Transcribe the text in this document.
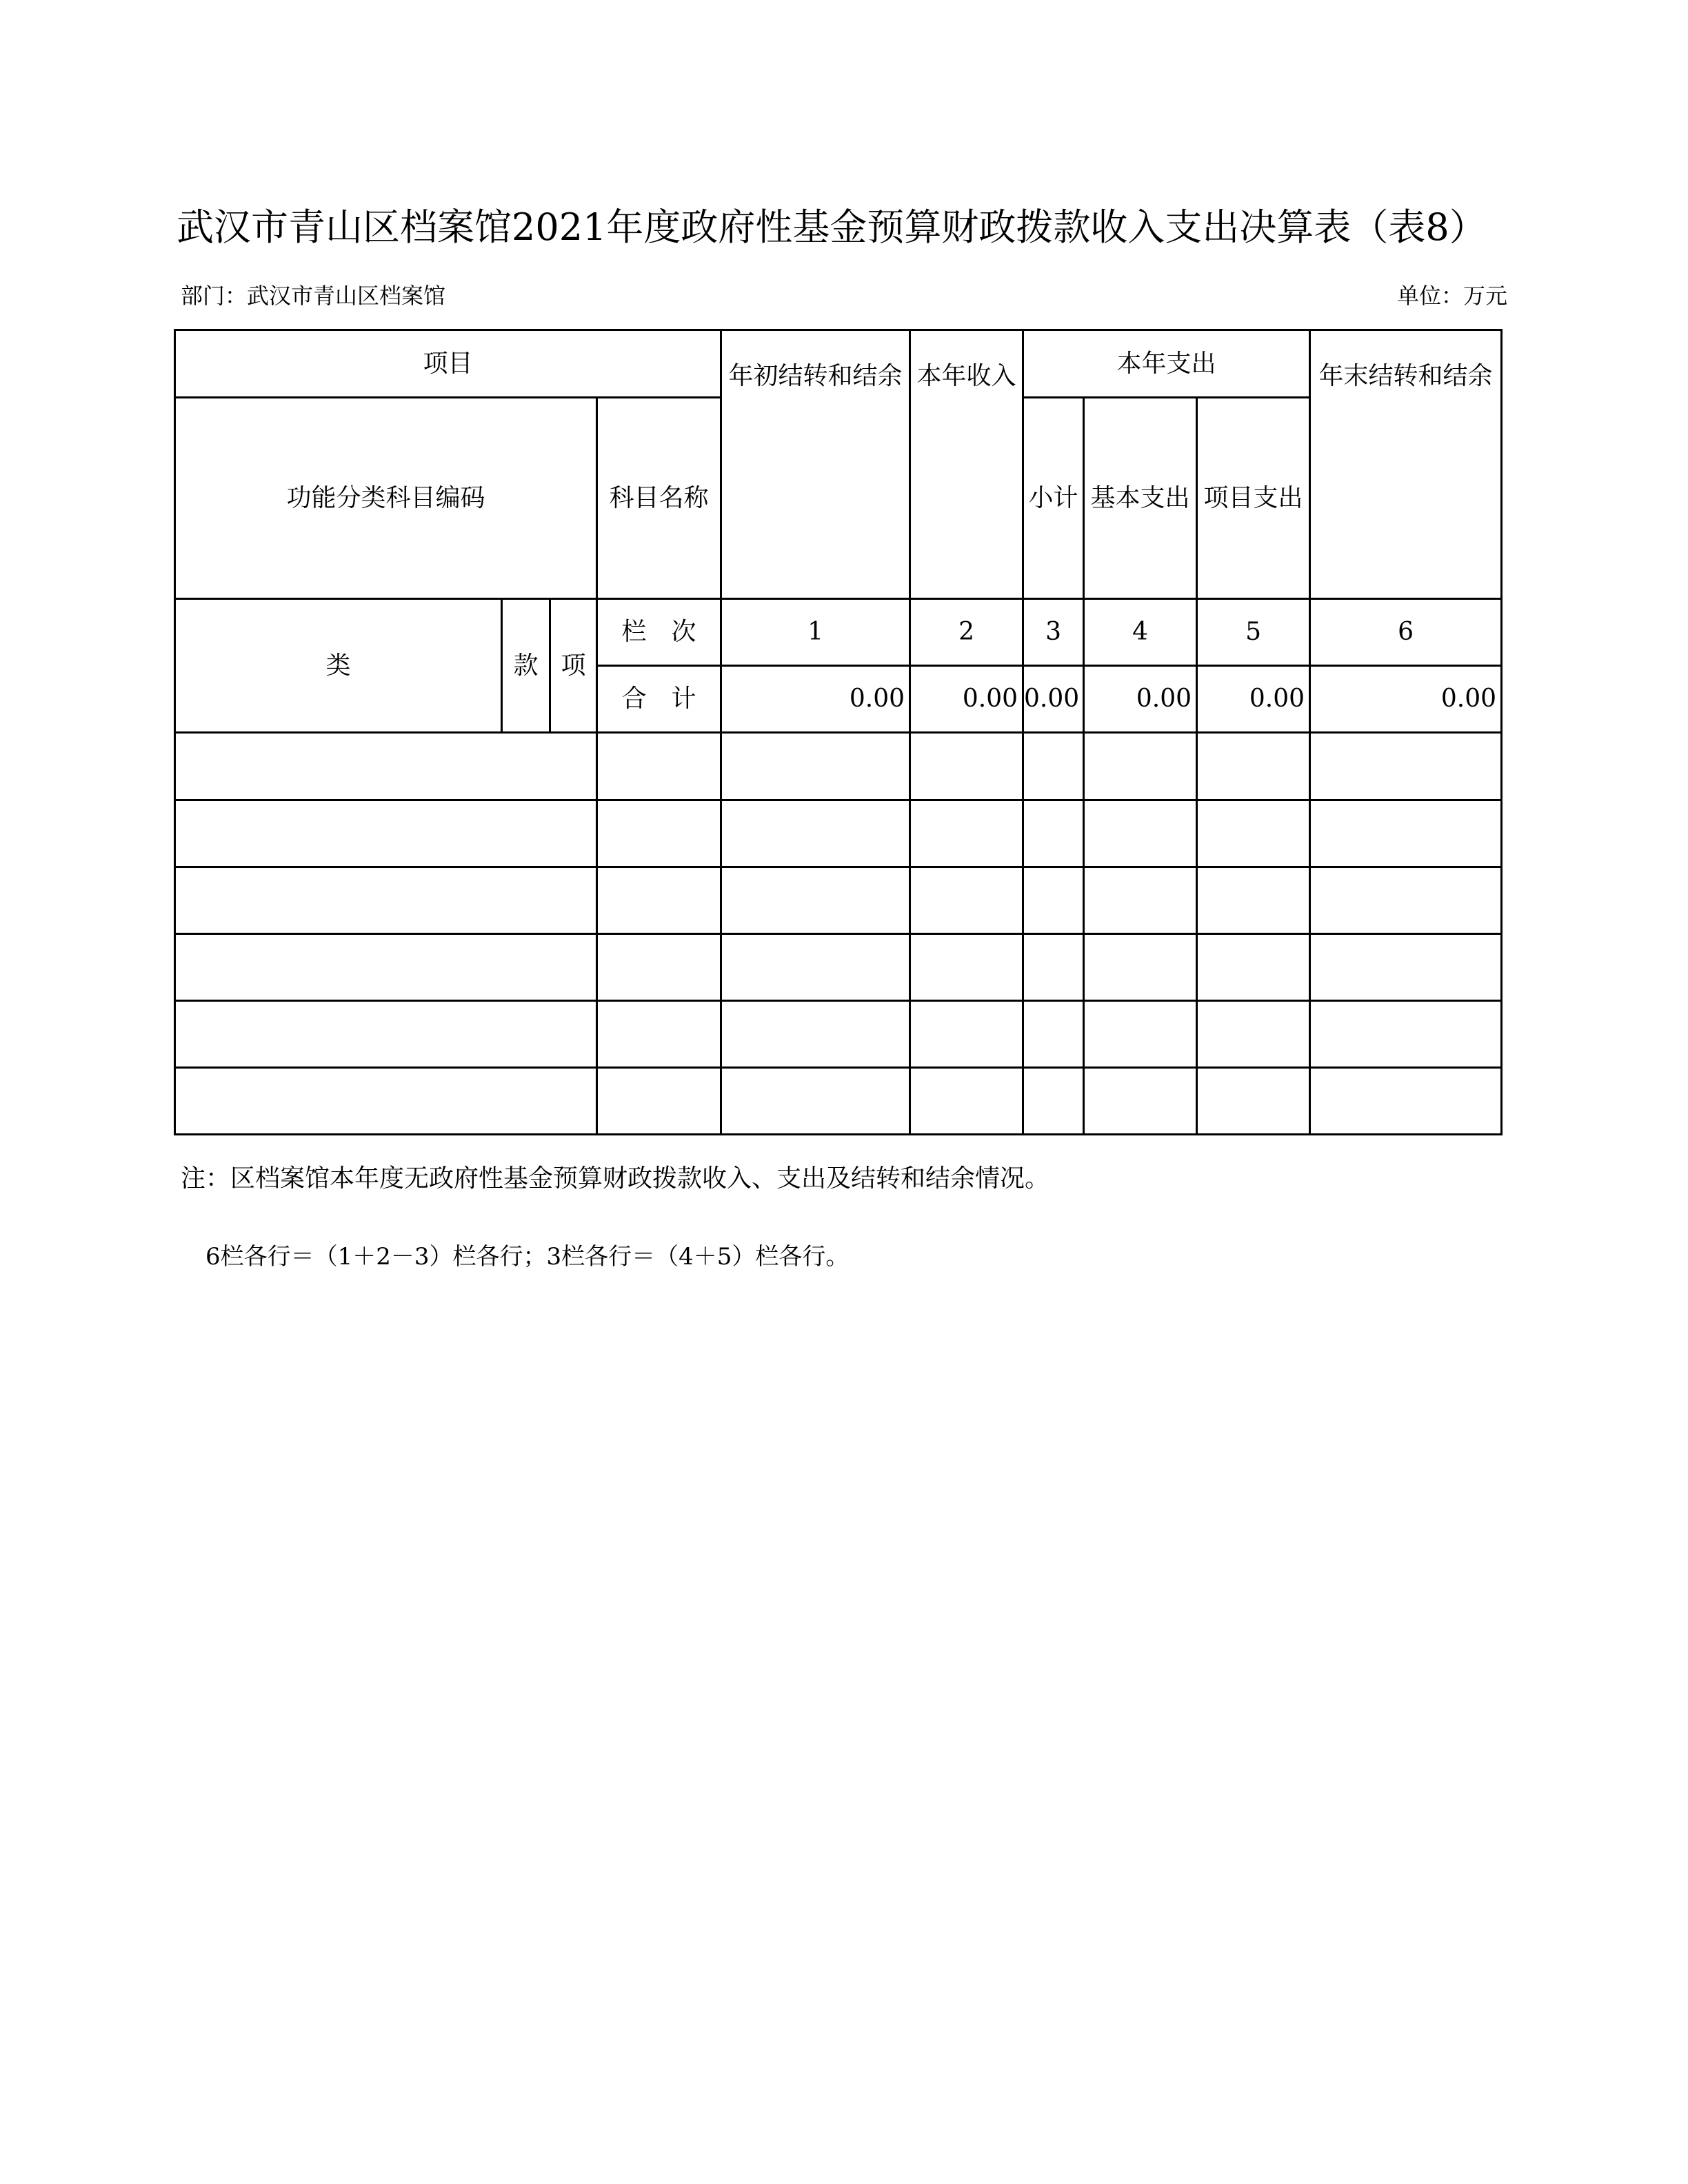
武汉市青山区档案馆2021年度政府性基金预算财政拨款收入支出决算表（表8）
部门：武汉市青山区档案馆	单位：万元
项目				年初结转和结余	本年收入	本年支出			年末结转和结余
功能分类科目编码			科目名称			小计	基本支出	项目支出	
类	款	项	栏　次	1	2	3	4	5	6
			合　计	0.00	0.00	0.00	0.00	0.00	0.00

注：区档案馆本年度无政府性基金预算财政拨款收入、支出及结转和结余情况。
6栏各行＝（1＋2－3）栏各行；3栏各行＝（4＋5）栏各行。
